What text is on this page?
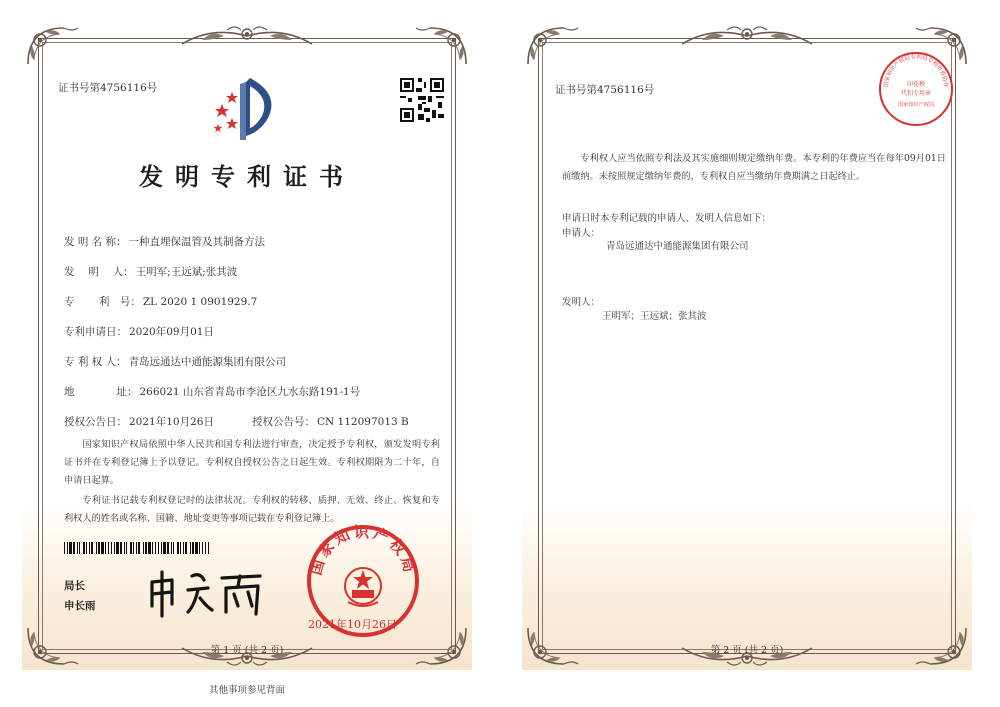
证书号第4756116号
发明专利证书
发 明 名 称： 一种直埋保温管及其制备方法
发　 明　 人： 王明军;王远斌;张其波
专　　 利　号： ZL 2020 1 0901929.7
专利申请日： 2020年09月01日
专 利 权 人： 青岛远通达中通能源集团有限公司
地　　　　址： 266021 山东省青岛市李沧区九水东路191-1号
授权公告日： 2021年10月26日	授权公告号： CN 112097013 B
国家知识产权局依照中华人民共和国专利法进行审查，决定授予专利权，颁发发明专利证书并在专利登记簿上予以登记。专利权自授权公告之日起生效。专利权期限为二十年，自申请日起算。
专利证书记载专利权登记时的法律状况。专利权的转移、质押、无效、终止、恢复和专利权人的姓名或名称、国籍、地址变更等事项记载在专利登记簿上。
局长
申长雨
国家知识产权局
2021年10月26日
第 1 页 (共 2 页)
其他事项参见背面
证书号第4756116号	国家知识产权局专利局专利审查协作
印花税
代扣专用章
国家知识产权局
专利权人应当依照专利法及其实施细则规定缴纳年费。本专利的年费应当在每年09月01日前缴纳。未按照规定缴纳年费的，专利权自应当缴纳年费期满之日起终止。
申请日时本专利记载的申请人、发明人信息如下：
申请人：
青岛远通达中通能源集团有限公司
发明人：
王明军；王远斌；张其波
第 2 页 (共 2 页)
